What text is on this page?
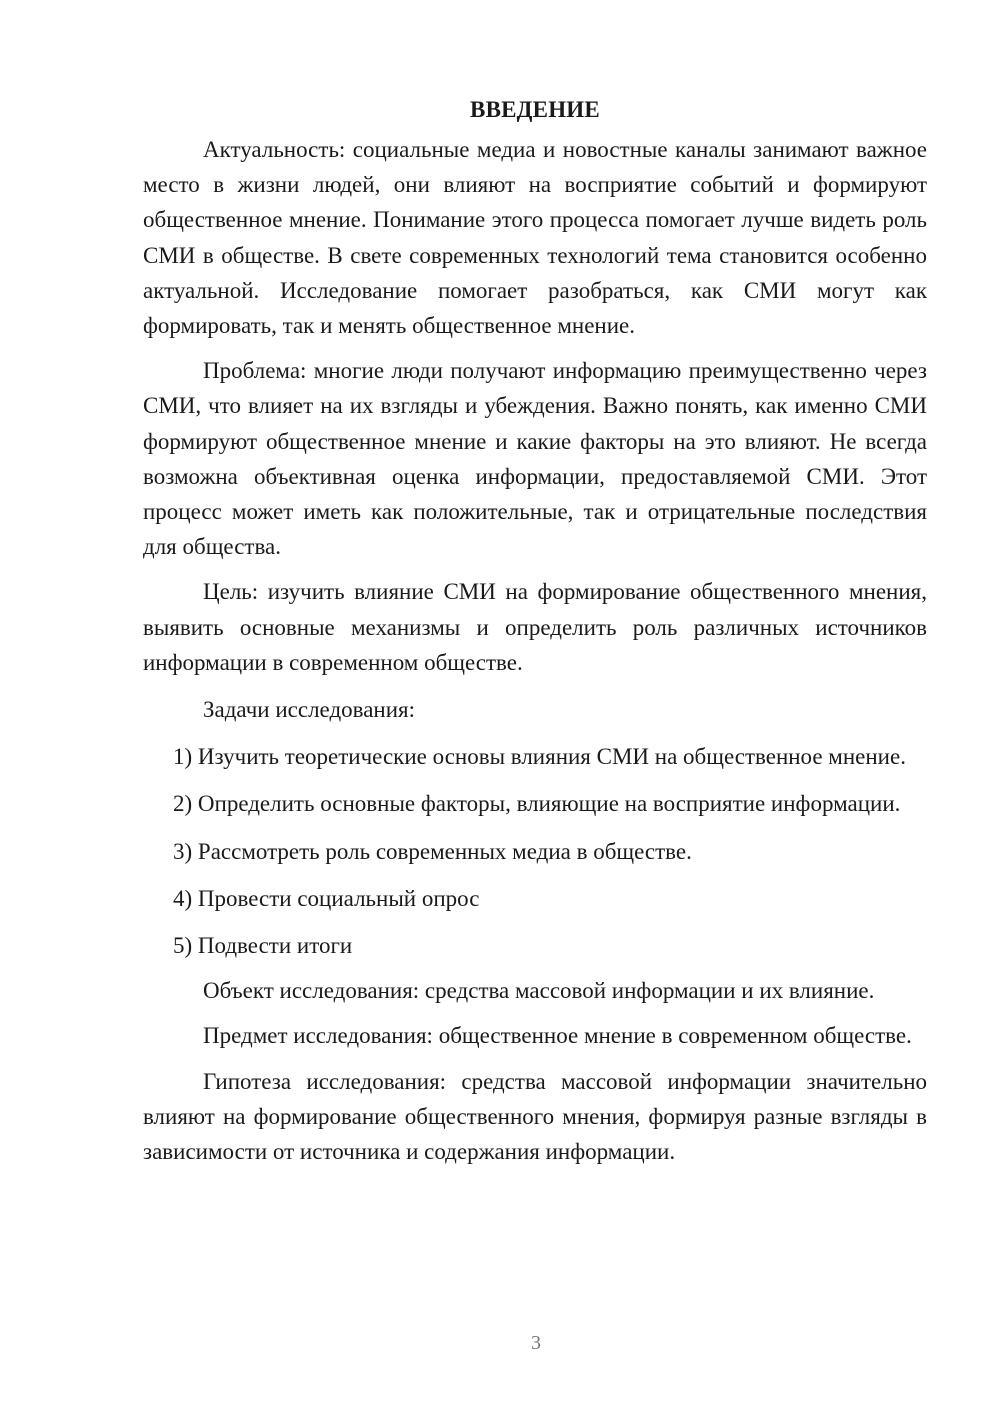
ВВЕДЕНИЕ

Актуальность: социальные медиа и новостные каналы занимают важное место в жизни людей, они влияют на восприятие событий и формируют общественное мнение. Понимание этого процесса помогает лучше видеть роль СМИ в обществе. В свете современных технологий тема становится особенно актуальной. Исследование помогает разобраться, как СМИ могут как формировать, так и менять общественное мнение.

Проблема: многие люди получают информацию преимущественно через СМИ, что влияет на их взгляды и убеждения. Важно понять, как именно СМИ формируют общественное мнение и какие факторы на это влияют. Не всегда возможна объективная оценка информации, предоставляемой СМИ. Этот процесс может иметь как положительные, так и отрицательные последствия для общества.

Цель: изучить влияние СМИ на формирование общественного мнения, выявить основные механизмы и определить роль различных источников информации в современном обществе.

Задачи исследования:

1) Изучить теоретические основы влияния СМИ на общественное мнение.

2) Определить основные факторы, влияющие на восприятие информации.

3) Рассмотреть роль современных медиа в обществе.

4) Провести социальный опрос

5) Подвести итоги

Объект исследования: средства массовой информации и их влияние.

Предмет исследования: общественное мнение в современном обществе.

Гипотеза исследования: средства массовой информации значительно влияют на формирование общественного мнения, формируя разные взгляды в зависимости от источника и содержания информации.

3
